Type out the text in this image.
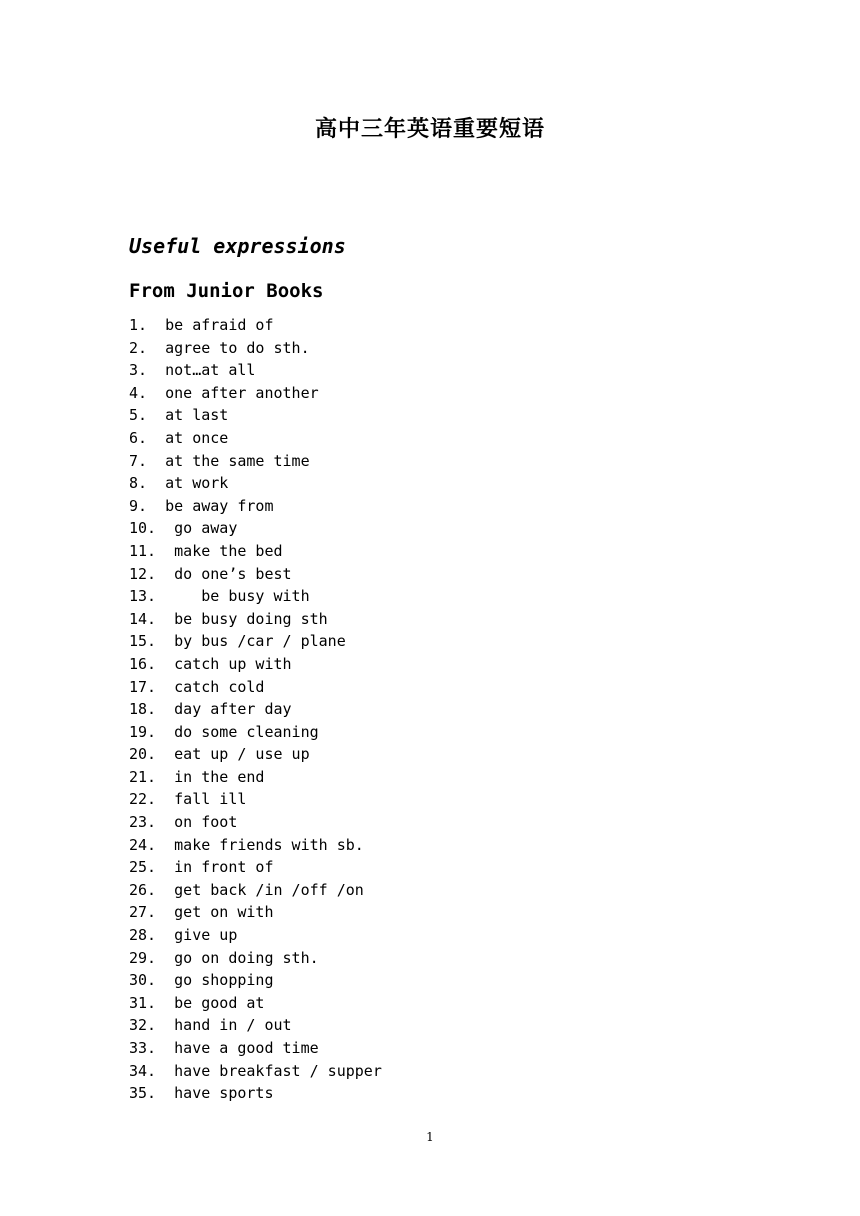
高中三年英语重要短语
Useful expressions
From Junior Books
1.  be afraid of
2.  agree to do sth.
3.  not…at all
4.  one after another
5.  at last
6.  at once
7.  at the same time
8.  at work
9.  be away from
10.  go away
11.  make the bed
12.  do one’s best
13.     be busy with
14.  be busy doing sth
15.  by bus /car / plane
16.  catch up with
17.  catch cold
18.  day after day
19.  do some cleaning
20.  eat up / use up
21.  in the end
22.  fall ill
23.  on foot
24.  make friends with sb.
25.  in front of
26.  get back /in /off /on
27.  get on with
28.  give up
29.  go on doing sth.
30.  go shopping
31.  be good at
32.  hand in / out
33.  have a good time
34.  have breakfast / supper
35.  have sports
1
